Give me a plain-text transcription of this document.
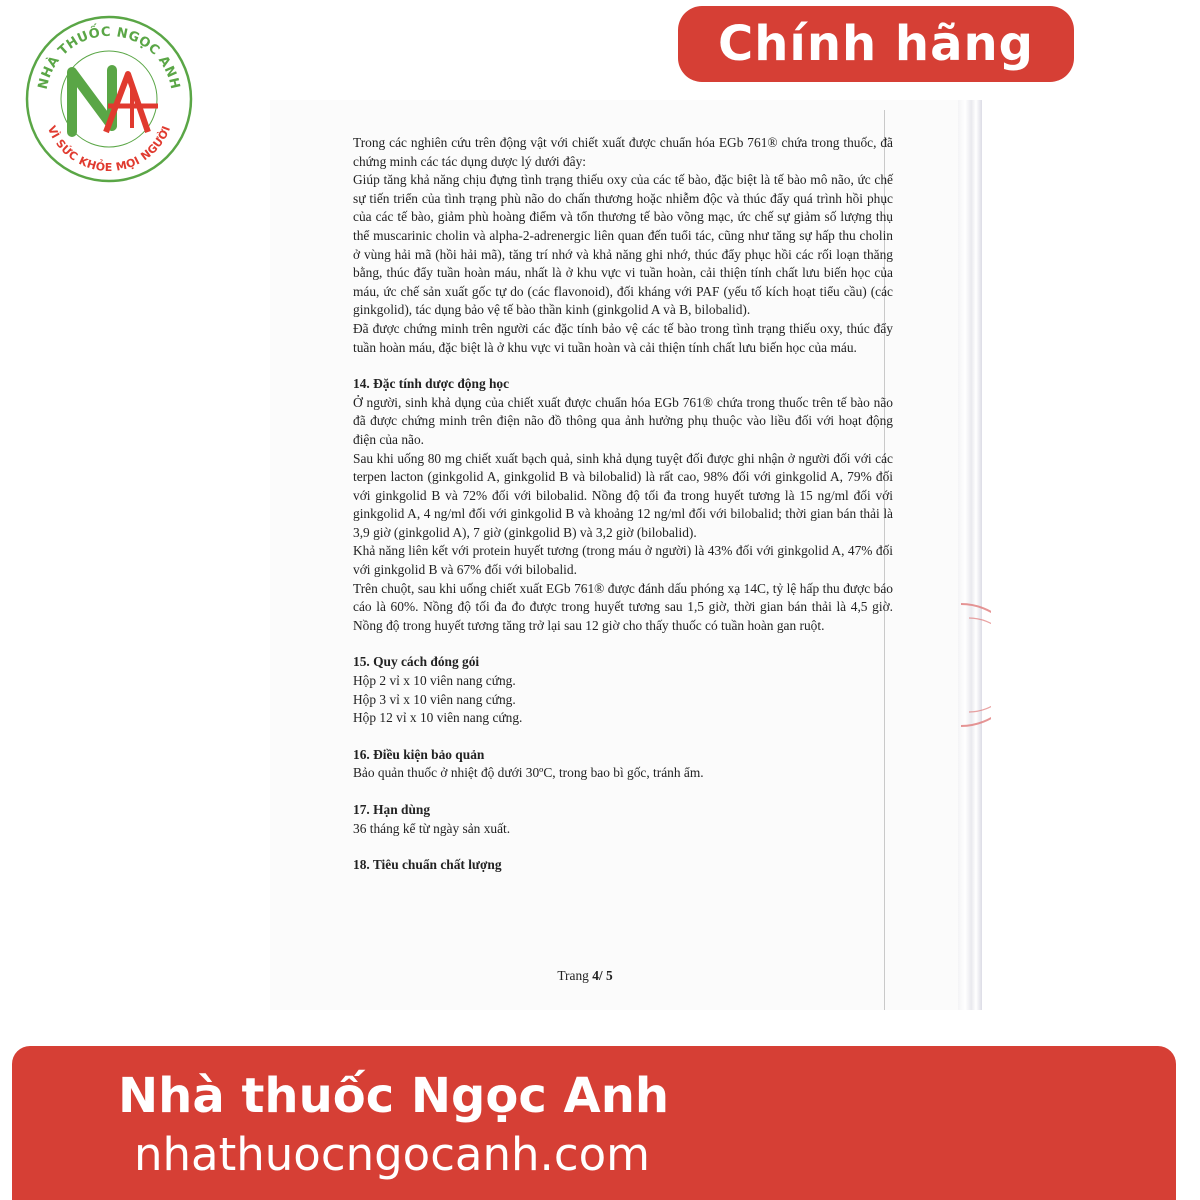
NHÀ THUỐC NGỌC ANH
VÌ SỨC KHỎE MỌI NGƯỜI
Chính hãng

Trong các nghiên cứu trên động vật với chiết xuất được chuẩn hóa EGb 761® chứa trong thuốc, đã chứng minh các tác dụng dược lý dưới đây:

Giúp tăng khả năng chịu đựng tình trạng thiếu oxy của các tế bào, đặc biệt là tế bào mô não, ức chế sự tiến triển của tình trạng phù não do chấn thương hoặc nhiễm độc và thúc đẩy quá trình hồi phục của các tế bào, giảm phù hoàng điểm và tổn thương tế bào võng mạc, ức chế sự giảm số lượng thụ thể muscarinic cholin và alpha-2-adrenergic liên quan đến tuổi tác, cũng như tăng sự hấp thu cholin ở vùng hải mã (hồi hải mã), tăng trí nhớ và khả năng ghi nhớ, thúc đẩy phục hồi các rối loạn thăng bằng, thúc đẩy tuần hoàn máu, nhất là ở khu vực vi tuần hoàn, cải thiện tính chất lưu biến học của máu, ức chế sản xuất gốc tự do (các flavonoid), đối kháng với PAF (yếu tố kích hoạt tiểu cầu) (các ginkgolid), tác dụng bảo vệ tế bào thần kinh (ginkgolid A và B, bilobalid).

Đã được chứng minh trên người các đặc tính bảo vệ các tế bào trong tình trạng thiếu oxy, thúc đẩy tuần hoàn máu, đặc biệt là ở khu vực vi tuần hoàn và cải thiện tính chất lưu biến học của máu.

14. Đặc tính dược động học

Ở người, sinh khả dụng của chiết xuất được chuẩn hóa EGb 761® chứa trong thuốc trên tế bào não đã được chứng minh trên điện não đồ thông qua ảnh hưởng phụ thuộc vào liều đối với hoạt động điện của não.

Sau khi uống 80 mg chiết xuất bạch quả, sinh khả dụng tuyệt đối được ghi nhận ở người đối với các terpen lacton (ginkgolid A, ginkgolid B và bilobalid) là rất cao, 98% đối với ginkgolid A, 79% đối với ginkgolid B và 72% đối với bilobalid. Nồng độ tối đa trong huyết tương là 15 ng/ml đối với ginkgolid A, 4 ng/ml đối với ginkgolid B và khoảng 12 ng/ml đối với bilobalid; thời gian bán thải là 3,9 giờ (ginkgolid A), 7 giờ (ginkgolid B) và 3,2 giờ (bilobalid).

Khả năng liên kết với protein huyết tương (trong máu ở người) là 43% đối với ginkgolid A, 47% đối với ginkgolid B và 67% đối với bilobalid.

Trên chuột, sau khi uống chiết xuất EGb 761® được đánh dấu phóng xạ 14C, tỷ lệ hấp thu được báo cáo là 60%. Nồng độ tối đa đo được trong huyết tương sau 1,5 giờ, thời gian bán thải là 4,5 giờ. Nồng độ trong huyết tương tăng trở lại sau 12 giờ cho thấy thuốc có tuần hoàn gan ruột.

15. Quy cách đóng gói

Hộp 2 vỉ x 10 viên nang cứng.

Hộp 3 vỉ x 10 viên nang cứng.

Hộp 12 vỉ x 10 viên nang cứng.

16. Điều kiện bảo quản

Bảo quản thuốc ở nhiệt độ dưới 30ºC, trong bao bì gốc, tránh ẩm.

17. Hạn dùng

36 tháng kể từ ngày sản xuất.

18. Tiêu chuẩn chất lượng
Trang 4/ 5
Nhà thuốc Ngọc Anh
nhathuocngocanh.com
